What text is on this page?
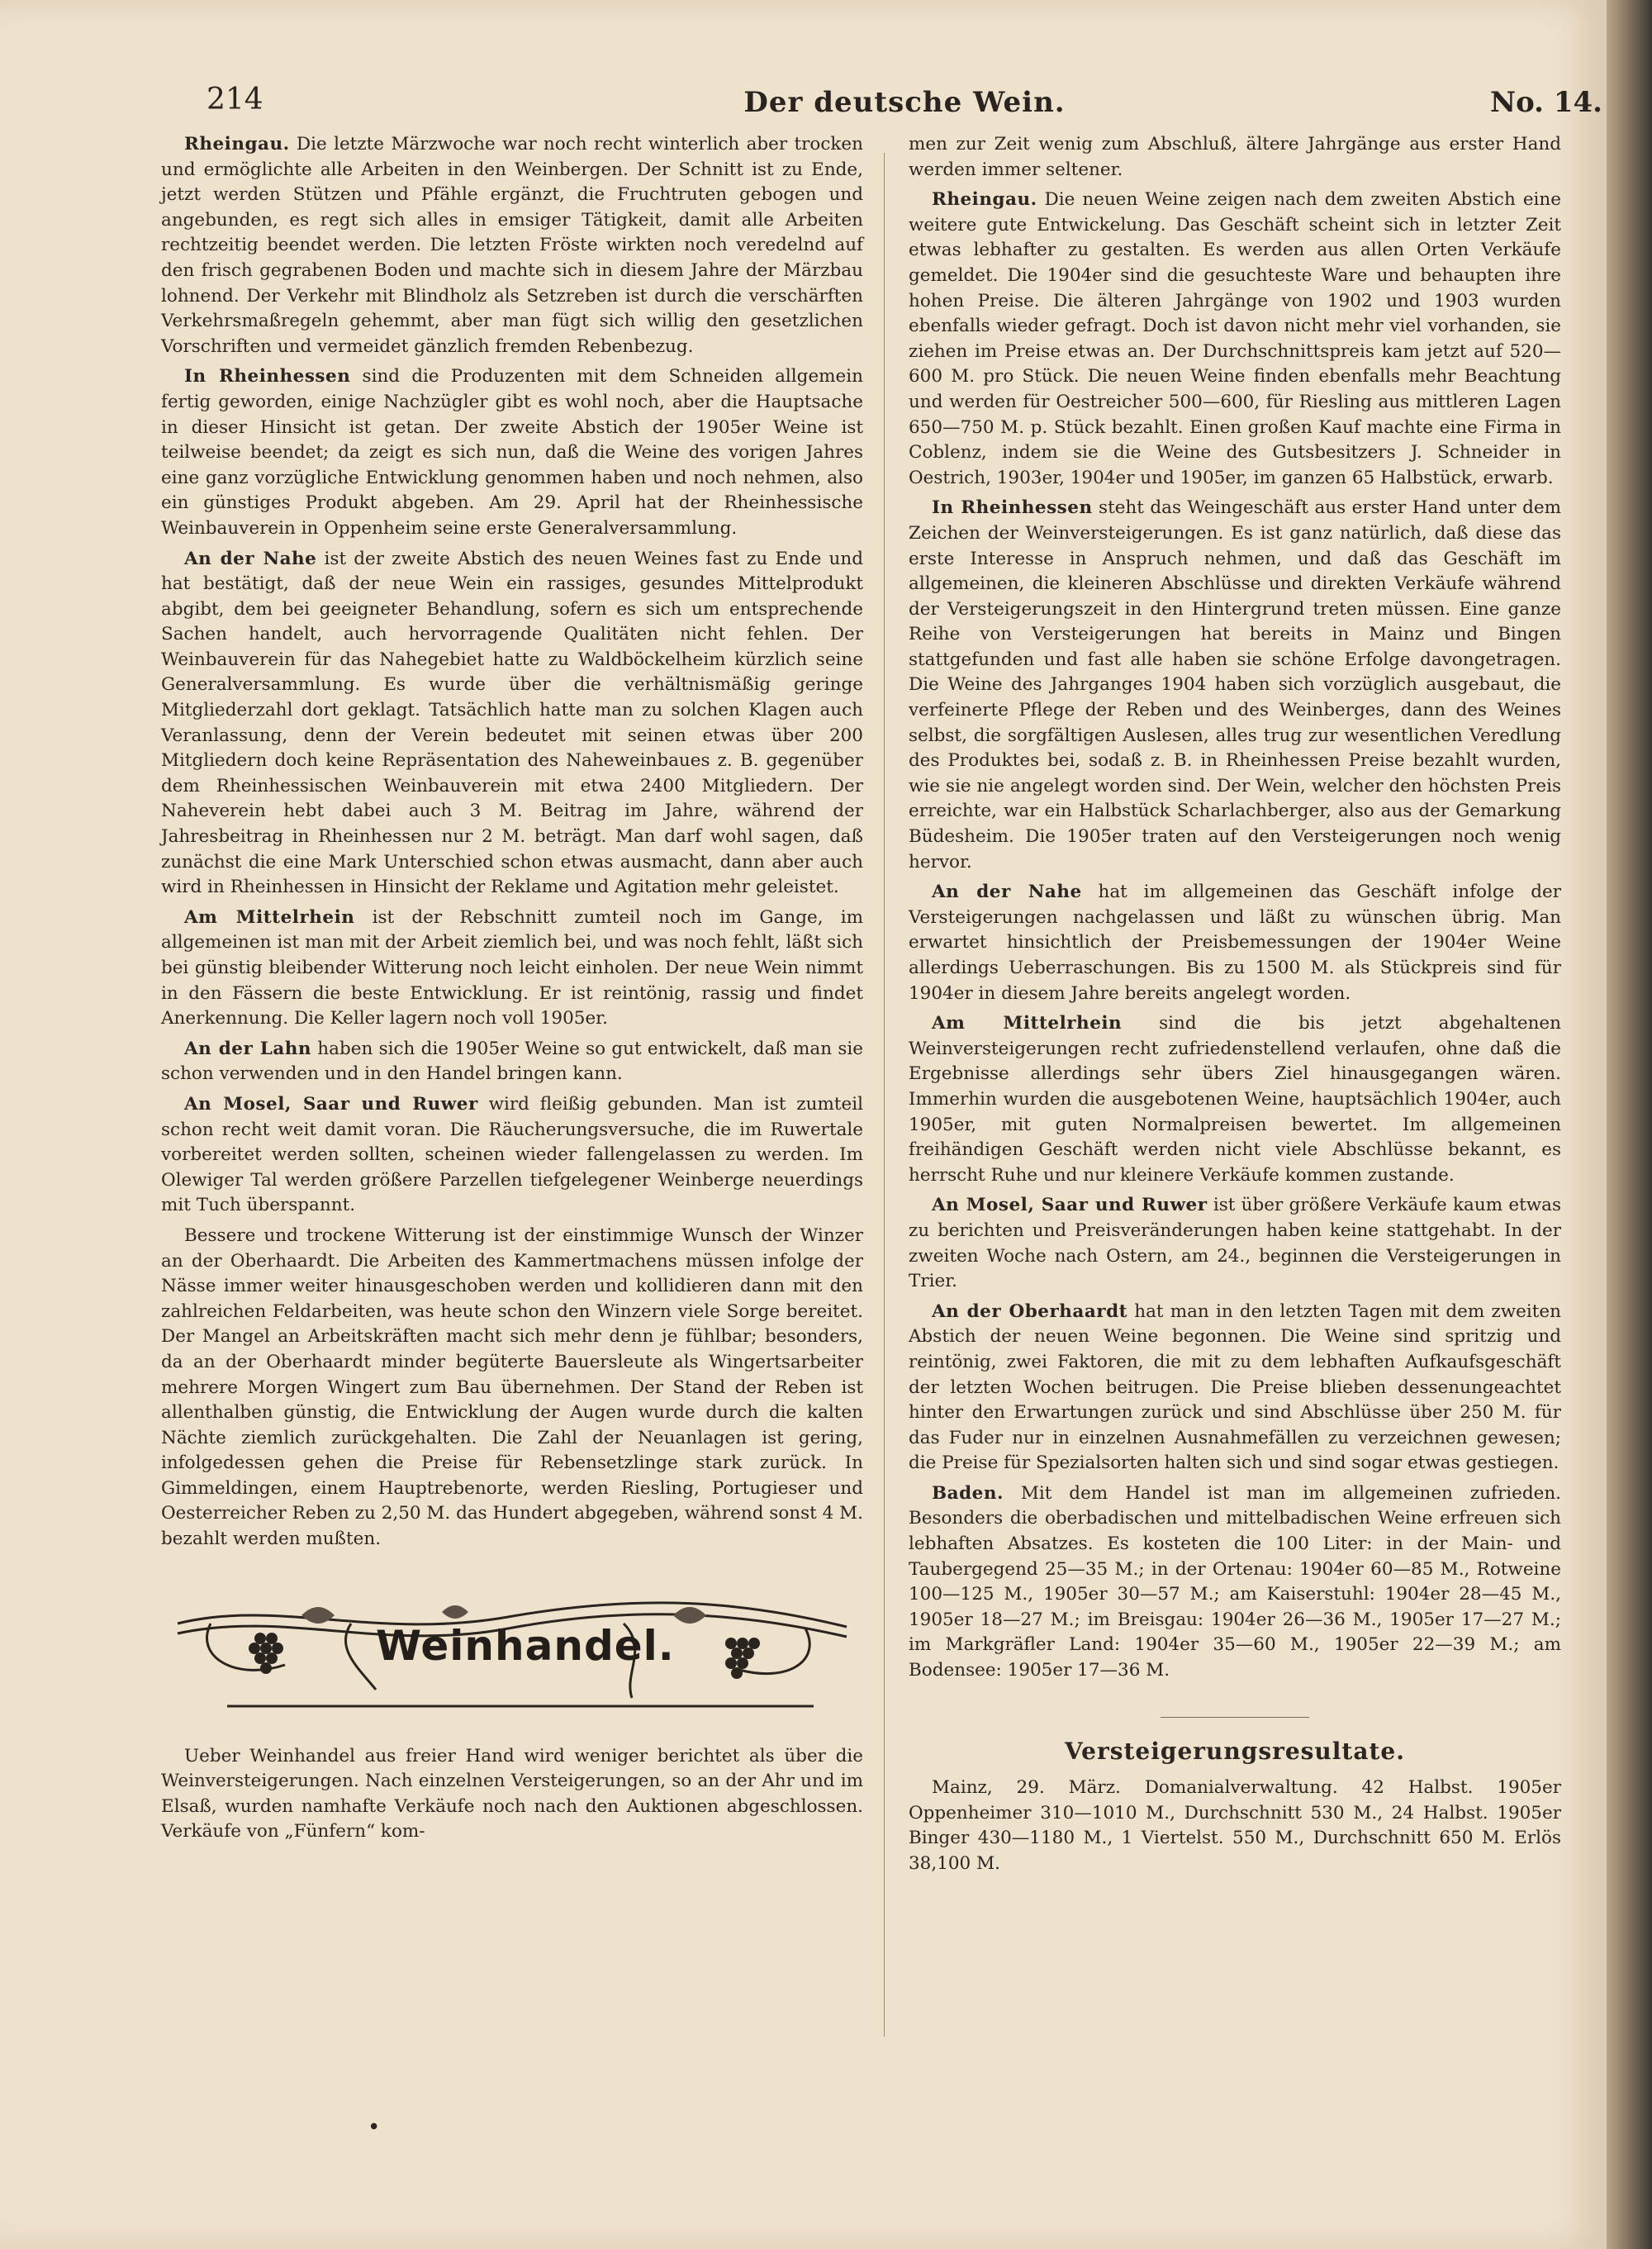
214	Der deutsche Wein.	No. 14.

Rheingau. Die letzte Märzwoche war noch recht winterlich aber trocken und ermöglichte alle Arbeiten in den Weinbergen. Der Schnitt ist zu Ende, jetzt werden Stützen und Pfähle ergänzt, die Fruchtruten gebogen und angebunden, es regt sich alles in emsiger Tätigkeit, damit alle Arbeiten rechtzeitig beendet werden. Die letzten Fröste wirkten noch veredelnd auf den frisch gegrabenen Boden und machte sich in diesem Jahre der Märzbau lohnend. Der Verkehr mit Blindholz als Setzreben ist durch die verschärften Verkehrsmaßregeln gehemmt, aber man fügt sich willig den gesetzlichen Vorschriften und vermeidet gänzlich fremden Rebenbezug.

In Rheinhessen sind die Produzenten mit dem Schneiden allgemein fertig geworden, einige Nachzügler gibt es wohl noch, aber die Hauptsache in dieser Hinsicht ist getan. Der zweite Abstich der 1905er Weine ist teilweise beendet; da zeigt es sich nun, daß die Weine des vorigen Jahres eine ganz vorzügliche Entwicklung genommen haben und noch nehmen, also ein günstiges Produkt abgeben. Am 29. April hat der Rheinhessische Weinbauverein in Oppenheim seine erste Generalversammlung.

An der Nahe ist der zweite Abstich des neuen Weines fast zu Ende und hat bestätigt, daß der neue Wein ein rassiges, gesundes Mittelprodukt abgibt, dem bei geeigneter Behandlung, sofern es sich um entsprechende Sachen handelt, auch hervorragende Qualitäten nicht fehlen. Der Weinbauverein für das Nahegebiet hatte zu Waldböckelheim kürzlich seine Generalversammlung. Es wurde über die verhältnismäßig geringe Mitgliederzahl dort geklagt. Tatsächlich hatte man zu solchen Klagen auch Veranlassung, denn der Verein bedeutet mit seinen etwas über 200 Mitgliedern doch keine Repräsentation des Naheweinbaues z. B. gegenüber dem Rheinhessischen Weinbauverein mit etwa 2400 Mitgliedern. Der Naheverein hebt dabei auch 3 M. Beitrag im Jahre, während der Jahresbeitrag in Rheinhessen nur 2 M. beträgt. Man darf wohl sagen, daß zunächst die eine Mark Unterschied schon etwas ausmacht, dann aber auch wird in Rheinhessen in Hinsicht der Reklame und Agitation mehr geleistet.

Am Mittelrhein ist der Rebschnitt zumteil noch im Gange, im allgemeinen ist man mit der Arbeit ziemlich bei, und was noch fehlt, läßt sich bei günstig bleibender Witterung noch leicht einholen. Der neue Wein nimmt in den Fässern die beste Entwicklung. Er ist reintönig, rassig und findet Anerkennung. Die Keller lagern noch voll 1905er.

An der Lahn haben sich die 1905er Weine so gut entwickelt, daß man sie schon verwenden und in den Handel bringen kann.

An Mosel, Saar und Ruwer wird fleißig gebunden. Man ist zumteil schon recht weit damit voran. Die Räucherungsversuche, die im Ruwertale vorbereitet werden sollten, scheinen wieder fallengelassen zu werden. Im Olewiger Tal werden größere Parzellen tiefgelegener Weinberge neuerdings mit Tuch überspannt.

Bessere und trockene Witterung ist der einstimmige Wunsch der Winzer an der Oberhaardt. Die Arbeiten des Kammertmachens müssen infolge der Nässe immer weiter hinausgeschoben werden und kollidieren dann mit den zahlreichen Feldarbeiten, was heute schon den Winzern viele Sorge bereitet. Der Mangel an Arbeitskräften macht sich mehr denn je fühlbar; besonders, da an der Oberhaardt minder begüterte Bauersleute als Wingertsarbeiter mehrere Morgen Wingert zum Bau übernehmen. Der Stand der Reben ist allenthalben günstig, die Entwicklung der Augen wurde durch die kalten Nächte ziemlich zurückgehalten. Die Zahl der Neuanlagen ist gering, infolgedessen gehen die Preise für Rebensetzlinge stark zurück. In Gimmeldingen, einem Hauptrebenorte, werden Riesling, Portugieser und Oesterreicher Reben zu 2,50 M. das Hundert abgegeben, während sonst 4 M. bezahlt werden mußten.

Weinhandel.

Ueber Weinhandel aus freier Hand wird weniger berichtet als über die Weinversteigerungen. Nach einzelnen Versteigerungen, so an der Ahr und im Elsaß, wurden namhafte Verkäufe noch nach den Auktionen abgeschlossen. Verkäufe von „Fünfern“ kom-

men zur Zeit wenig zum Abschluß, ältere Jahrgänge aus erster Hand werden immer seltener.

Rheingau. Die neuen Weine zeigen nach dem zweiten Abstich eine weitere gute Entwickelung. Das Geschäft scheint sich in letzter Zeit etwas lebhafter zu gestalten. Es werden aus allen Orten Verkäufe gemeldet. Die 1904er sind die gesuchteste Ware und behaupten ihre hohen Preise. Die älteren Jahrgänge von 1902 und 1903 wurden ebenfalls wieder gefragt. Doch ist davon nicht mehr viel vorhanden, sie ziehen im Preise etwas an. Der Durchschnittspreis kam jetzt auf 520—600 M. pro Stück. Die neuen Weine finden ebenfalls mehr Beachtung und werden für Oestreicher 500—600, für Riesling aus mittleren Lagen 650—750 M. p. Stück bezahlt. Einen großen Kauf machte eine Firma in Coblenz, indem sie die Weine des Gutsbesitzers J. Schneider in Oestrich, 1903er, 1904er und 1905er, im ganzen 65 Halbstück, erwarb.

In Rheinhessen steht das Weingeschäft aus erster Hand unter dem Zeichen der Weinversteigerungen. Es ist ganz natürlich, daß diese das erste Interesse in Anspruch nehmen, und daß das Geschäft im allgemeinen, die kleineren Abschlüsse und direkten Verkäufe während der Versteigerungszeit in den Hintergrund treten müssen. Eine ganze Reihe von Versteigerungen hat bereits in Mainz und Bingen stattgefunden und fast alle haben sie schöne Erfolge davongetragen. Die Weine des Jahrganges 1904 haben sich vorzüglich ausgebaut, die verfeinerte Pflege der Reben und des Weinberges, dann des Weines selbst, die sorgfältigen Auslesen, alles trug zur wesentlichen Veredlung des Produktes bei, sodaß z. B. in Rheinhessen Preise bezahlt wurden, wie sie nie angelegt worden sind. Der Wein, welcher den höchsten Preis erreichte, war ein Halbstück Scharlachberger, also aus der Gemarkung Büdesheim. Die 1905er traten auf den Versteigerungen noch wenig hervor.

An der Nahe hat im allgemeinen das Geschäft infolge der Versteigerungen nachgelassen und läßt zu wünschen übrig. Man erwartet hinsichtlich der Preisbemessungen der 1904er Weine allerdings Ueberraschungen. Bis zu 1500 M. als Stückpreis sind für 1904er in diesem Jahre bereits angelegt worden.

Am Mittelrhein sind die bis jetzt abgehaltenen Weinversteigerungen recht zufriedenstellend verlaufen, ohne daß die Ergebnisse allerdings sehr übers Ziel hinausgegangen wären. Immerhin wurden die ausgebotenen Weine, hauptsächlich 1904er, auch 1905er, mit guten Normalpreisen bewertet. Im allgemeinen freihändigen Geschäft werden nicht viele Abschlüsse bekannt, es herrscht Ruhe und nur kleinere Verkäufe kommen zustande.

An Mosel, Saar und Ruwer ist über größere Verkäufe kaum etwas zu berichten und Preisveränderungen haben keine stattgehabt. In der zweiten Woche nach Ostern, am 24., beginnen die Versteigerungen in Trier.

An der Oberhaardt hat man in den letzten Tagen mit dem zweiten Abstich der neuen Weine begonnen. Die Weine sind spritzig und reintönig, zwei Faktoren, die mit zu dem lebhaften Aufkaufsgeschäft der letzten Wochen beitrugen. Die Preise blieben dessenungeachtet hinter den Erwartungen zurück und sind Abschlüsse über 250 M. für das Fuder nur in einzelnen Ausnahmefällen zu verzeichnen gewesen; die Preise für Spezialsorten halten sich und sind sogar etwas gestiegen.

Baden. Mit dem Handel ist man im allgemeinen zufrieden. Besonders die oberbadischen und mittelbadischen Weine erfreuen sich lebhaften Absatzes. Es kosteten die 100 Liter: in der Main- und Taubergegend 25—35 M.; in der Ortenau: 1904er 60—85 M., Rotweine 100—125 M., 1905er 30—57 M.; am Kaiserstuhl: 1904er 28—45 M., 1905er 18—27 M.; im Breisgau: 1904er 26—36 M., 1905er 17—27 M.; im Markgräfler Land: 1904er 35—60 M., 1905er 22—39 M.; am Bodensee: 1905er 17—36 M.

Versteigerungsresultate.

Mainz, 29. März. Domanialverwaltung. 42 Halbst. 1905er Oppenheimer 310—1010 M., Durchschnitt 530 M., 24 Halbst. 1905er Binger 430—1180 M., 1 Viertelst. 550 M., Durchschnitt 650 M. Erlös 38,100 M.

•
